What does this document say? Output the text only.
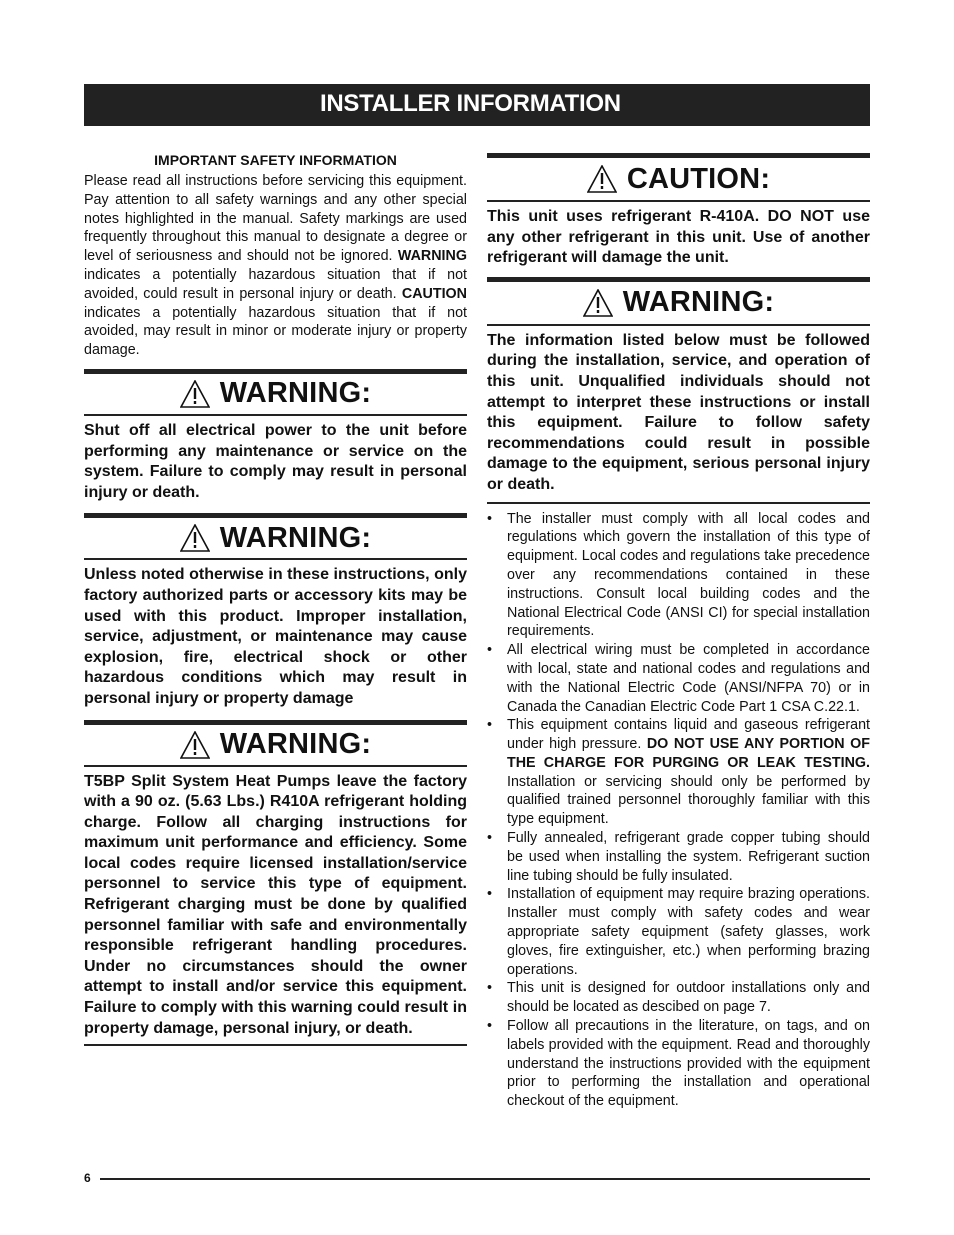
INSTALLER INFORMATION
IMPORTANT SAFETY INFORMATION

Please read all instructions before servicing this equipment. Pay attention to all safety warnings and any other special notes highlighted in the manual. Safety markings are used frequently throughout this manual to designate a degree or level of seriousness and should not be ignored. WARNING indicates a potentially hazardous situation that if not avoided, could result in personal injury or death. CAUTION indicates a potentially hazardous situation that if not avoided, may result in minor or moderate injury or property damage.

WARNING:

Shut off all electrical power to the unit before performing any maintenance or service on the system. Failure to comply may result in personal injury or death.

WARNING:

Unless noted otherwise in these instructions, only factory authorized parts or accessory kits may be used with this product. Improper installation, service, adjustment, or maintenance may cause explosion, fire, electrical shock or other hazardous conditions which may result in personal injury or property damage

WARNING:

T5BP Split System Heat Pumps leave the factory with a 90 oz. (5.63 Lbs.) R410A refrigerant holding charge. Follow all charging instructions for maximum unit performance and efficiency. Some local codes require licensed installation/service personnel to service this type of equipment. Refrigerant charging must be done by qualified personnel familiar with safe and environmentally responsible refrigerant handling procedures. Under no circumstances should the owner attempt to install and/or service this equipment. Failure to comply with this warning could result in property damage, personal injury, or death.

CAUTION:

This unit uses refrigerant R-410A. DO NOT use any other refrigerant in this unit. Use of another refrigerant will damage the unit.

WARNING:

The information listed below must be followed during the installation, service, and operation of this unit. Unqualified individuals should not attempt to interpret these instructions or install this equipment. Failure to follow safety recommendations could result in possible damage to the equipment, serious personal injury or death.

• The installer must comply with all local codes and regulations which govern the installation of this type of equipment. Local codes and regulations take precedence over any recommendations contained in these instructions. Consult local building codes and the National Electrical Code (ANSI CI) for special installation requirements.
• All electrical wiring must be completed in accordance with local, state and national codes and regulations and with the National Electric Code (ANSI/NFPA 70) or in Canada the Canadian Electric Code Part 1 CSA C.22.1.
• This equipment contains liquid and gaseous refrigerant under high pressure. DO NOT USE ANY PORTION OF THE CHARGE FOR PURGING OR LEAK TESTING. Installation or servicing should only be performed by qualified trained personnel thoroughly familiar with this type equipment.
• Fully annealed, refrigerant grade copper tubing should be used when installing the system. Refrigerant suction line tubing should be fully insulated.
• Installation of equipment may require brazing operations. Installer must comply with safety codes and wear appropriate safety equipment (safety glasses, work gloves, fire extinguisher, etc.) when performing brazing operations.
• This unit is designed for outdoor installations only and should be located as descibed on page 7.
• Follow all precautions in the literature, on tags, and on labels provided with the equipment. Read and thoroughly understand the instructions provided with the equipment prior to performing the installation and operational checkout of the equipment.
6
